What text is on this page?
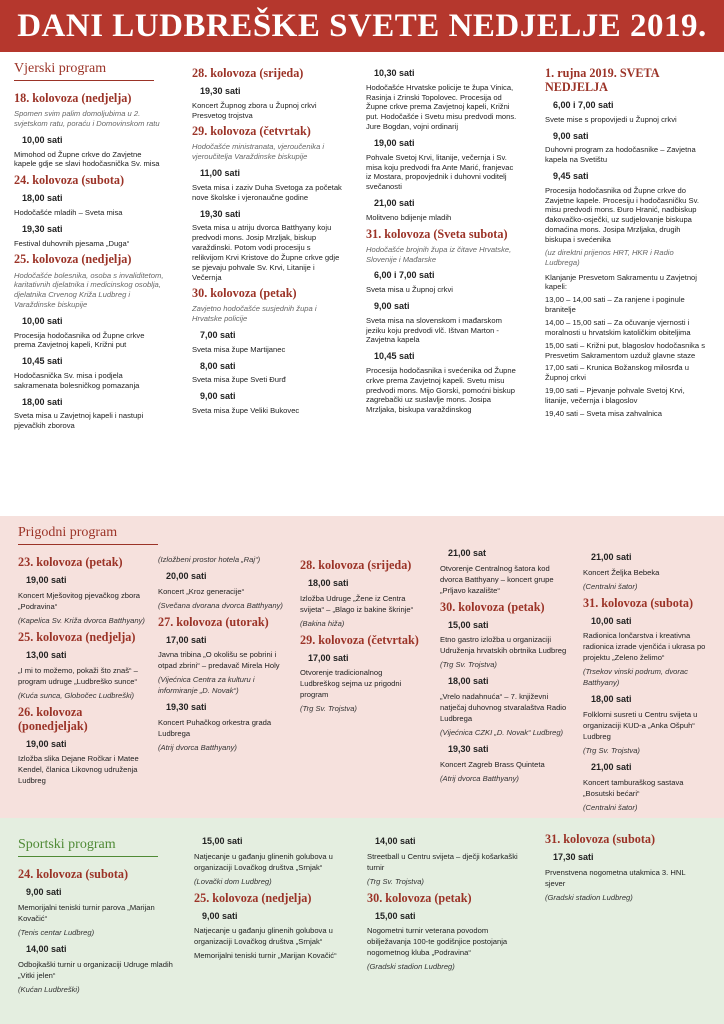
DANI LUDBREŠKE SVETE NEDJELJE 2019.
Vjerski program
18. kolovoza (nedjelja)
Spomen svim palim domoljubima u 2. svjetskom ratu, poraću i Domovinskom ratu
10,00 sati
Mimohod od Župne crkve do Zavjetne kapele gdje se slavi hodočasnička Sv. misa
24. kolovoza (subota)
18,00 sati
Hodočašće mladih – Sveta misa
19,30 sati
Festival duhovnih pjesama „Duga“
25. kolovoza (nedjelja)
Hodočašće bolesnika, osoba s invaliditetom, karitativnih djelatnika i medicinskog osoblja, djelatnika Crvenog Križa Ludbreg i Varaždinske biskupije
10,00 sati
Procesija hodočasnika od Župne crkve prema Zavjetnoj kapeli, Križni put
10,45 sati
Hodočasnička Sv. misa i podjela sakramenata bolesničkog pomazanja
18,00 sati
Sveta misa u Zavjetnoj kapeli i nastupi pjevačkih zborova
28. kolovoza (srijeda)
19,30 sati
Koncert Župnog zbora u Župnoj crkvi Presvetog trojstva
29. kolovoza (četvrtak)
Hodočašće ministranata, vjeroučenika i vjeroučitelja Varaždinske biskupije
11,00 sati
Sveta misa i zaziv Duha Svetoga za početak nove školske i vjeronaučne godine
19,30 sati
Sveta misa u atriju dvorca Batthyany koju predvodi mons. Josip Mrzljak, biskup varaždinski. Potom vodi procesiju s relikvijom Krvi Kristove do Župne crkve gdje se pjevaju pohvale Sv. Krvi, Litanije i Večernja
30. kolovoza (petak)
Zavjetno hodočašće susjednih župa i Hrvatske policije
7,00 sati
Sveta misa župe Martijanec
8,00 sati
Sveta misa župe Sveti Đurđ
9,00 sati
Sveta misa župe Veliki Bukovec
10,30 sati
Hodočašće Hrvatske policije te župa Vinica, Rasinja i Zrinski Topolovec. Procesija od Župne crkve prema Zavjetnoj kapeli, Križni put. Hodočašće i Svetu misu predvodi mons. Jure Bogdan, vojni ordinarij
19,00 sati
Pohvale Svetoj Krvi, litanije, večernja i Sv. misa koju predvodi fra Ante Marić, franjevac iz Mostara, propovjednik i duhovni voditelj svečanosti
21,00 sati
Molitveno bdijenje mladih
31. kolovoza (Sveta subota)
Hodočašće brojnih župa iz čitave Hrvatske, Slovenije i Mađarske
6,00 i 7,00 sati
Sveta misa u Župnoj crkvi
9,00 sati
Sveta misa na slovenskom i mađarskom jeziku koju predvodi vlč. Ištvan Marton - Zavjetna kapela
10,45 sati
Procesija hodočasnika i svećenika od Župne crkve prema Zavjetnoj kapeli. Svetu misu predvodi mons. Mijo Gorski, pomoćni biskup zagrebački uz suslavlje mons. Josipa Mrzljaka, biskupa varaždinskog
1. rujna 2019. SVETA NEDJELJA
6,00 i 7,00 sati
Svete mise s propovijedi u Župnoj crkvi
9,00 sati
Duhovni program za hodočasnike – Zavjetna kapela na Svetištu
9,45 sati
Procesija hodočasnika od Župne crkve do Zavjetne kapele. Procesiju i hodočasničku Sv. misu predvodi mons. Đuro Hranić, nadbiskup đakovačko-osječki, uz sudjelovanje biskupa domaćina mons. Josipa Mrzljaka, drugih biskupa i svećenika
(uz direktni prijenos HRT, HKR i Radio Ludbrega)
Klanjanje Presvetom Sakramentu u Zavjetnoj kapeli:
13,00 – 14,00 sati – Za ranjene i poginule branitelje
14,00 – 15,00 sati – Za očuvanje vjernosti i moralnosti u hrvatskim katoličkim obiteljima
15,00 sati – Križni put, blagoslov hodočasnika s Presvetim Sakramentom uzduž glavne staze
17,00 sati – Krunica Božanskog milosrđa u Župnoj crkvi
19,00 sati – Pjevanje pohvale Svetoj Krvi, litanije, večernja i blagoslov
19,40 sati – Sveta misa zahvalnica
Prigodni program
23. kolovoza (petak)
19,00 sati
Koncert Mješovitog pjevačkog zbora „Podravina“
(Kapelica Sv. Križa dvorca Batthyany)
25. kolovoza (nedjelja)
13,00 sati
„I mi to možemo, pokaži što znaš“ – program udruge „Ludbreško sunce“
(Kuća sunca, Globočec Ludbreški)
26. kolovoza (ponedjeljak)
19,00 sati
Izložba slika Dejane Ročkar i Matee Kendel, članica Likovnog udruženja Ludbreg
(Izložbeni prostor hotela „Raj“)
20,00 sati
Koncert „Kroz generacije“
(Svečana dvorana dvorca Batthyany)
27. kolovoza (utorak)
17,00 sati
Javna tribina „O okolišu se pobrini i otpad zbrini“ – predavač Mirela Holy
(Vijećnica Centra za kulturu i informiranje „D. Novak“)
19,30 sati
Koncert Puhačkog orkestra grada Ludbrega
(Atrij dvorca Batthyany)
28. kolovoza (srijeda)
18,00 sati
Izložba Udruge „Žene iz Centra svijeta“ – „Blago iz bakine škrinje“
(Bakina hiža)
29. kolovoza (četvrtak)
17,00 sati
Otvorenje tradicionalnog Ludbreškog sejma uz prigodni program
(Trg Sv. Trojstva)
21,00 sat
Otvorenje Centralnog šatora kod dvorca Batthyany – koncert grupe „Prljavo kazalište“
30. kolovoza (petak)
15,00 sati
Etno gastro izložba u organizaciji Udruženja hrvatskih obrtnika Ludbreg
(Trg Sv. Trojstva)
18,00 sati
„Vrelo nadahnuća“ – 7. književni natječaj duhovnog stvaralaštva Radio Ludbrega
(Vijećnica CZKI „D. Novak“ Ludbreg)
19,30 sati
Koncert Zagreb Brass Quinteta
(Atrij dvorca Batthyany)
21,00 sati
Koncert Željka Bebeka
(Centralni šator)
31. kolovoza (subota)
10,00 sati
Radionica lončarstva i kreativna radionica izrade vjenčića i ukrasa po projektu „Zeleno želimo“
(Trsekov vinski podrum, dvorac Batthyany)
18,00 sati
Folklorni susreti u Centru svijeta u organizaciji KUD-a „Anka Ošpuh“ Ludbreg
(Trg Sv. Trojstva)
21,00 sati
Koncert tamburaškog sastava „Bosutski bećari“
(Centralni šator)
Sportski program
24. kolovoza (subota)
9,00 sati
Memorijalni teniski turnir parova „Marijan Kovačić“
(Tenis centar Ludbreg)
14,00 sati
Odbojkaški turnir u organizaciji Udruge mladih „Vitki jelen“
(Kućan Ludbreški)
15,00 sati
Natjecanje u gađanju glinenih golubova u organizaciji Lovačkog društva „Srnjak“
(Lovački dom Ludbreg)
25. kolovoza (nedjelja)
9,00 sati
Natjecanje u gađanju glinenih golubova u organizaciji Lovačkog društva „Srnjak“
Memorijalni teniski turnir „Marijan Kovačić“
14,00 sati
Streetball u Centru svijeta – dječji košarkaški turnir
(Trg Sv. Trojstva)
30. kolovoza (petak)
15,00 sati
Nogometni turnir veterana povodom obilježavanja 100-te godišnjice postojanja nogometnog kluba „Podravina“
(Gradski stadion Ludbreg)
31. kolovoza (subota)
17,30 sati
Prvenstvena nogometna utakmica 3. HNL sjever
(Gradski stadion Ludbreg)
